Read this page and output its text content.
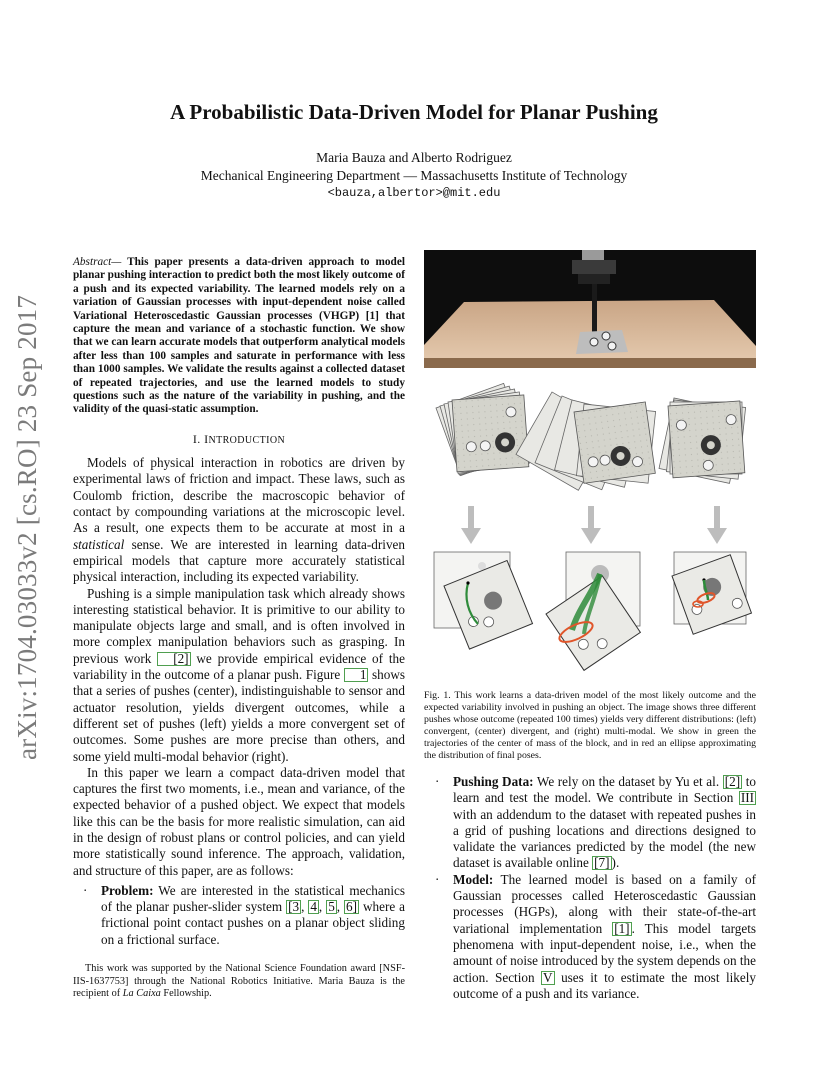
arXiv:1704.03033v2 [cs.RO] 23 Sep 2017
A Probabilistic Data-Driven Model for Planar Pushing
Maria Bauza and Alberto Rodriguez
Mechanical Engineering Department — Massachusetts Institute of Technology
<bauza,albertor>@mit.edu

Abstract— This paper presents a data-driven approach to model planar pushing interaction to predict both the most likely outcome of a push and its expected variability. The learned models rely on a variation of Gaussian processes with input-dependent noise called Variational Heteroscedastic Gaussian processes (VHGP) [1] that capture the mean and variance of a stochastic function. We show that we can learn accurate models that outperform analytical models after less than 100 samples and saturate in performance with less than 1000 samples. We validate the results against a collected dataset of repeated trajectories, and use the learned models to study questions such as the nature of the variability in pushing, and the validity of the quasi-static assumption.

I. INTRODUCTION

Models of physical interaction in robotics are driven by experimental laws of friction and impact. These laws, such as Coulomb friction, describe the macroscopic behavior of contact by compounding variations at the microscopic level. As a result, one expects them to be accurate at most in a statistical sense. We are interested in learning data-driven empirical models that capture more accurately statistical physical interaction, including its expected variability.

Pushing is a simple manipulation task which already shows interesting statistical behavior. It is primitive to our ability to manipulate objects large and small, and is often involved in more complex manipulation behaviors such as grasping. In previous work [2] we provide empirical evidence of the variability in the outcome of a planar push. Figure 1 shows that a series of pushes (center), indistinguishable to sensor and actuator resolution, yields divergent outcomes, while a different set of pushes (left) yields a more convergent set of outcomes. Some pushes are more precise than others, and some yield multi-modal behavior (right).

In this paper we learn a compact data-driven model that captures the first two moments, i.e., mean and variance, of the expected behavior of a pushed object. We expect that models like this can be the basis for more realistic simulation, can aid in the design of robust plans or control policies, and can yield more statistically sound inference. The approach, validation, and structure of this paper, are as follows:

· Problem: We are interested in the statistical mechanics of the planar pusher-slider system [3 , 4 , 5 , 6] where a frictional point contact pushes on a planar object sliding on a frictional surface.
This work was supported by the National Science Foundation award [NSF-IIS-1637753] through the National Robotics Initiative. Maria Bauza is the recipient of La Caixa Fellowship.
Fig. 1. This work learns a data-driven model of the most likely outcome and the expected variability involved in pushing an object. The image shows three different pushes whose outcome (repeated 100 times) yields very different distributions: (left) convergent, (center) divergent, and (right) multi-modal. We show in green the trajectories of the center of mass of the block, and in red an ellipse approximating the distribution of final poses.
· Pushing Data: We rely on the dataset by Yu et al. [2] to learn and test the model. We contribute in Section III with an addendum to the dataset with repeated pushes in a grid of pushing locations and directions designed to validate the variances predicted by the model (the new dataset is available online [7] ).
· Model: The learned model is based on a family of Gaussian processes called Heteroscedastic Gaussian processes (HGPs), along with their state-of-the-art variational implementation [1] . This model targets phenomena with input-dependent noise, i.e., when the amount of noise introduced by the system depends on the action. Section V uses it to estimate the most likely outcome of a push and its variance.
